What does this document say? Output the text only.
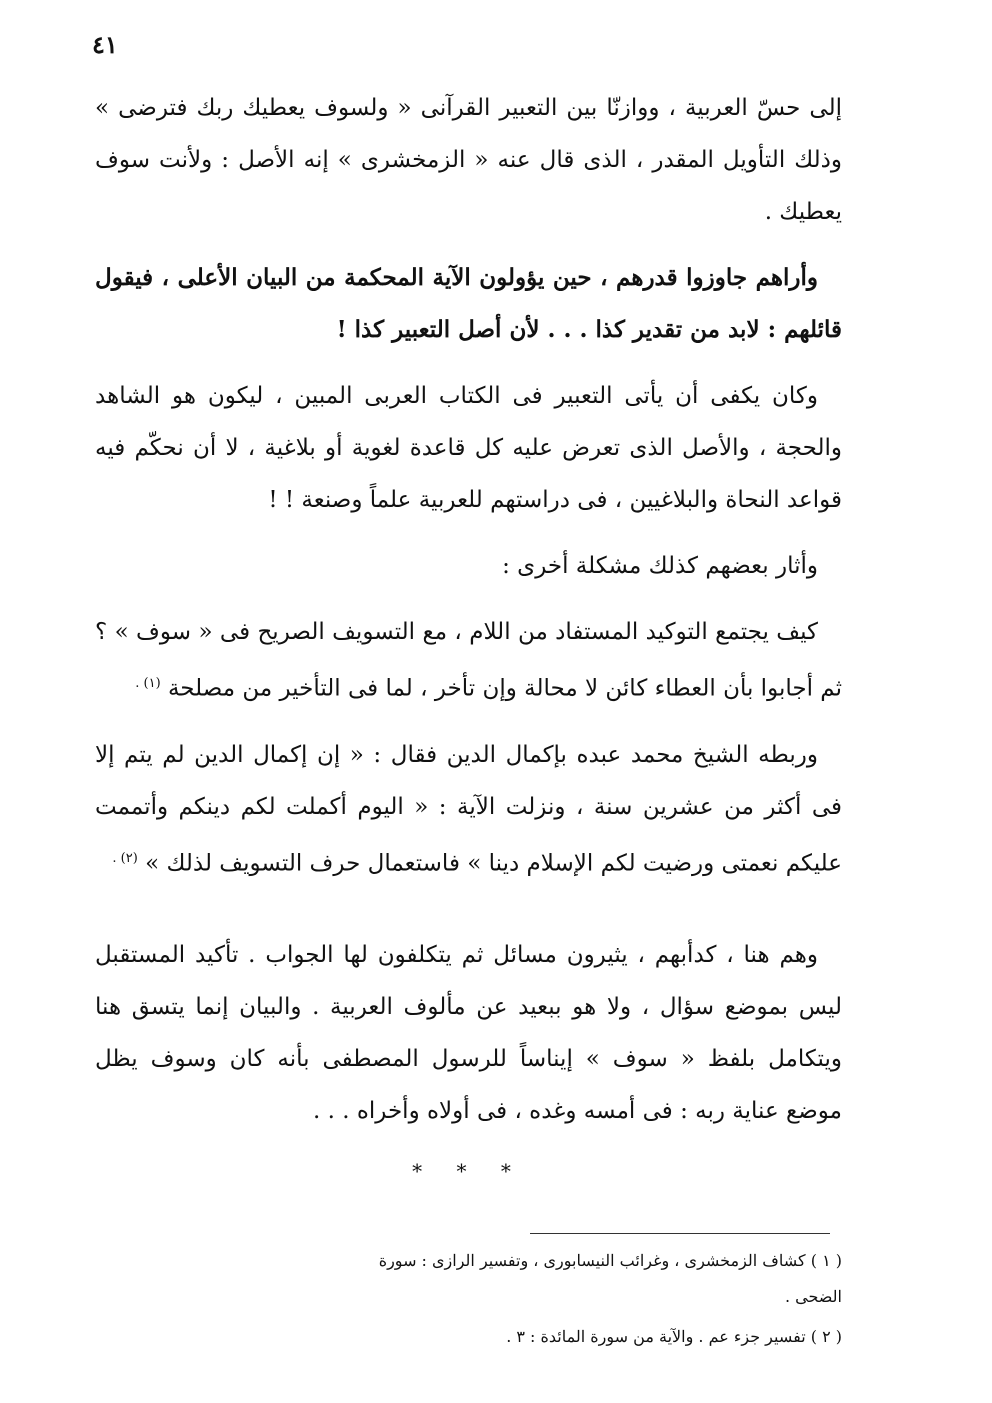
٤١

إلى حسّ العربية ، ووازنّا بين التعبير القرآنى « ولسوف يعطيك ربك فترضى » وذلك التأويل المقدر ، الذى قال عنه « الزمخشرى » إنه الأصل : ولأنت سوف يعطيك .

وأراهم جاوزوا قدرهم ، حين يؤولون الآية المحكمة من البيان الأعلى ، فيقول قائلهم : لابد من تقدير كذا . . . لأن أصل التعبير كذا !

وكان يكفى أن يأتى التعبير فى الكتاب العربى المبين ، ليكون هو الشاهد والحجة ، والأصل الذى تعرض عليه كل قاعدة لغوية أو بلاغية ، لا أن نحكّم فيه قواعد النحاة والبلاغيين ، فى دراستهم للعربية علماً وصنعة ! !

وأثار بعضهم كذلك مشكلة أخرى :

كيف يجتمع التوكيد المستفاد من اللام ، مع التسويف الصريح فى « سوف » ؟ ثم أجابوا بأن العطاء كائن لا محالة وإن تأخر ، لما فى التأخير من مصلحة $^{(١) .}$

وربطه الشيخ محمد عبده بإكمال الدين فقال : « إن إكمال الدين لم يتم إلا فى أكثر من عشرين سنة ، ونزلت الآية : « اليوم أكملت لكم دينكم وأتممت عليكم نعمتى ورضيت لكم الإسلام دينا » فاستعمال حرف التسويف لذلك » $^{(٢) .}$

وهم هنا ، كدأبهم ، يثيرون مسائل ثم يتكلفون لها الجواب . تأكيد المستقبل ليس بموضع سؤال ، ولا هو ببعيد عن مألوف العربية . والبيان إنما يتسق هنا ويتكامل بلفظ « سوف » إيناساً للرسول المصطفى بأنه كان وسوف يظل موضع عناية ربه : فى أمسه وغده ، فى أولاه وأخراه . . .

* * *

( ١ ) كشاف الزمخشرى ، وغرائب النيسابورى ، وتفسير الرازى : سورة الضحى .

( ٢ ) تفسير جزء عم . والآية من سورة المائدة : ٣ .
